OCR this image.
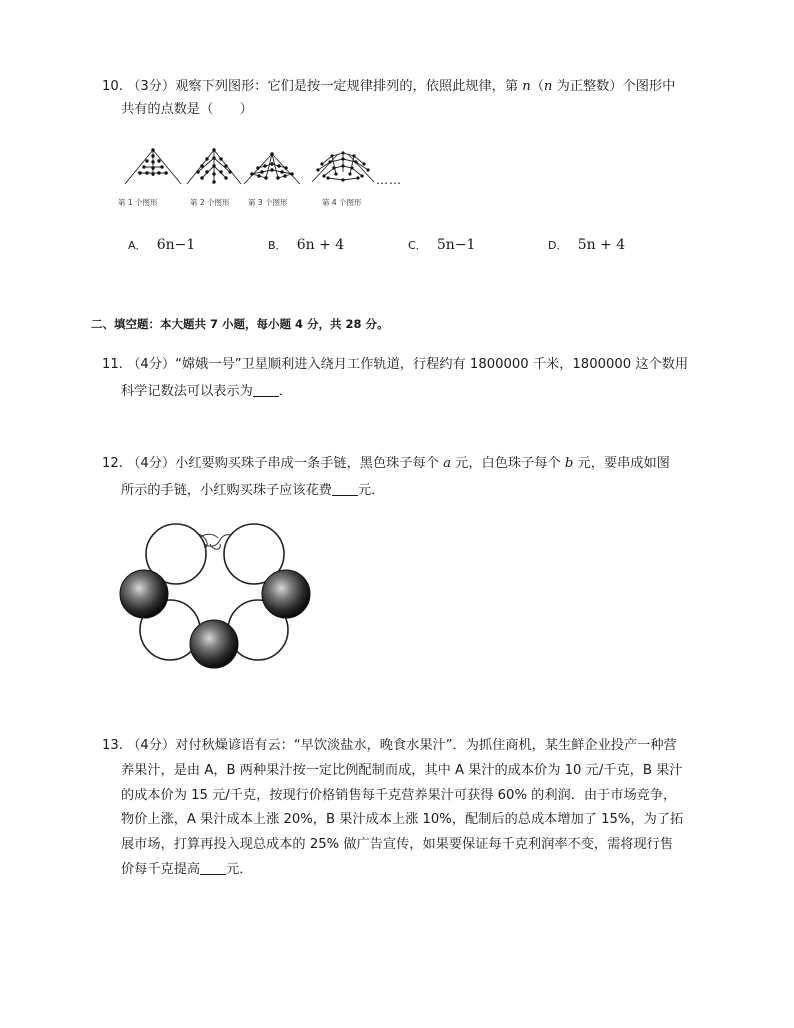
10. （3分）观察下列图形：它们是按一定规律排列的，依照此规律，第 n（n 为正整数）个图形中
共有的点数是（　　）
……
第 1 个图形	第 2 个图形 第 3 个图形	第 4 个图形
A． 6n−1	B． 6n + 4	C． 5n−1	D． 5n + 4
二、填空题：本大题共 7 小题，每小题 4 分，共 28 分。
11. （4分）“嫦娥一号”卫星顺利进入绕月工作轨道，行程约有 1800000 千米，1800000 这个数用
科学记数法可以表示为 ．
12. （4分）小红要购买珠子串成一条手链，黑色珠子每个 a 元，白色珠子每个 b 元，要串成如图
所示的手链，小红购买珠子应该花费 元．
13. （4分）对付秋燥谚语有云：“早饮淡盐水，晚食水果汁”．为抓住商机，某生鲜企业投产一种营
养果汁，是由 A，B 两种果汁按一定比例配制而成，其中 A 果汁的成本价为 10 元/千克，B 果汁
的成本价为 15 元/千克，按现行价格销售每千克营养果汁可获得 60% 的利润．由于市场竞争，
物价上涨，A 果汁成本上涨 20%，B 果汁成本上涨 10%，配制后的总成本增加了 15%，为了拓
展市场，打算再投入现总成本的 25% 做广告宣传，如果要保证每千克利润率不变，需将现行售
价每千克提高 元．
